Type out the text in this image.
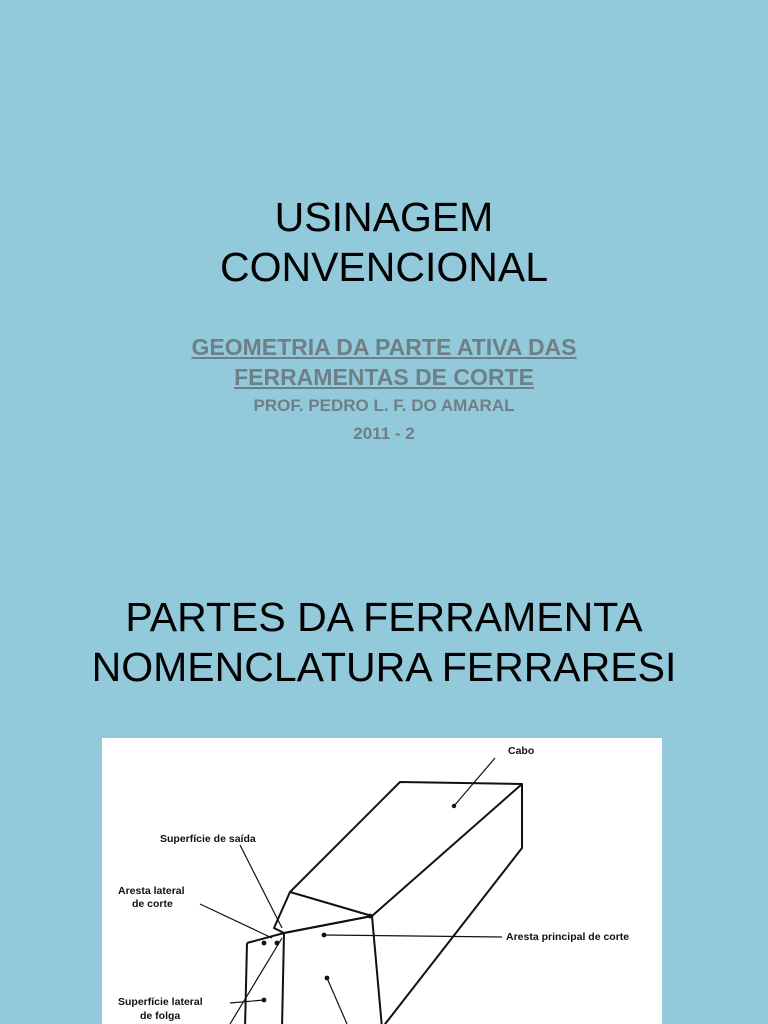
USINAGEM
CONVENCIONAL
GEOMETRIA DA PARTE ATIVA DAS
FERRAMENTAS DE CORTE
PROF. PEDRO L. F. DO AMARAL
2011 - 2
PARTES DA FERRAMENTA
NOMENCLATURA FERRARESI
Cabo
Superfície de saída
Aresta lateral
de corte
Aresta principal de corte
Superfície lateral
de folga
